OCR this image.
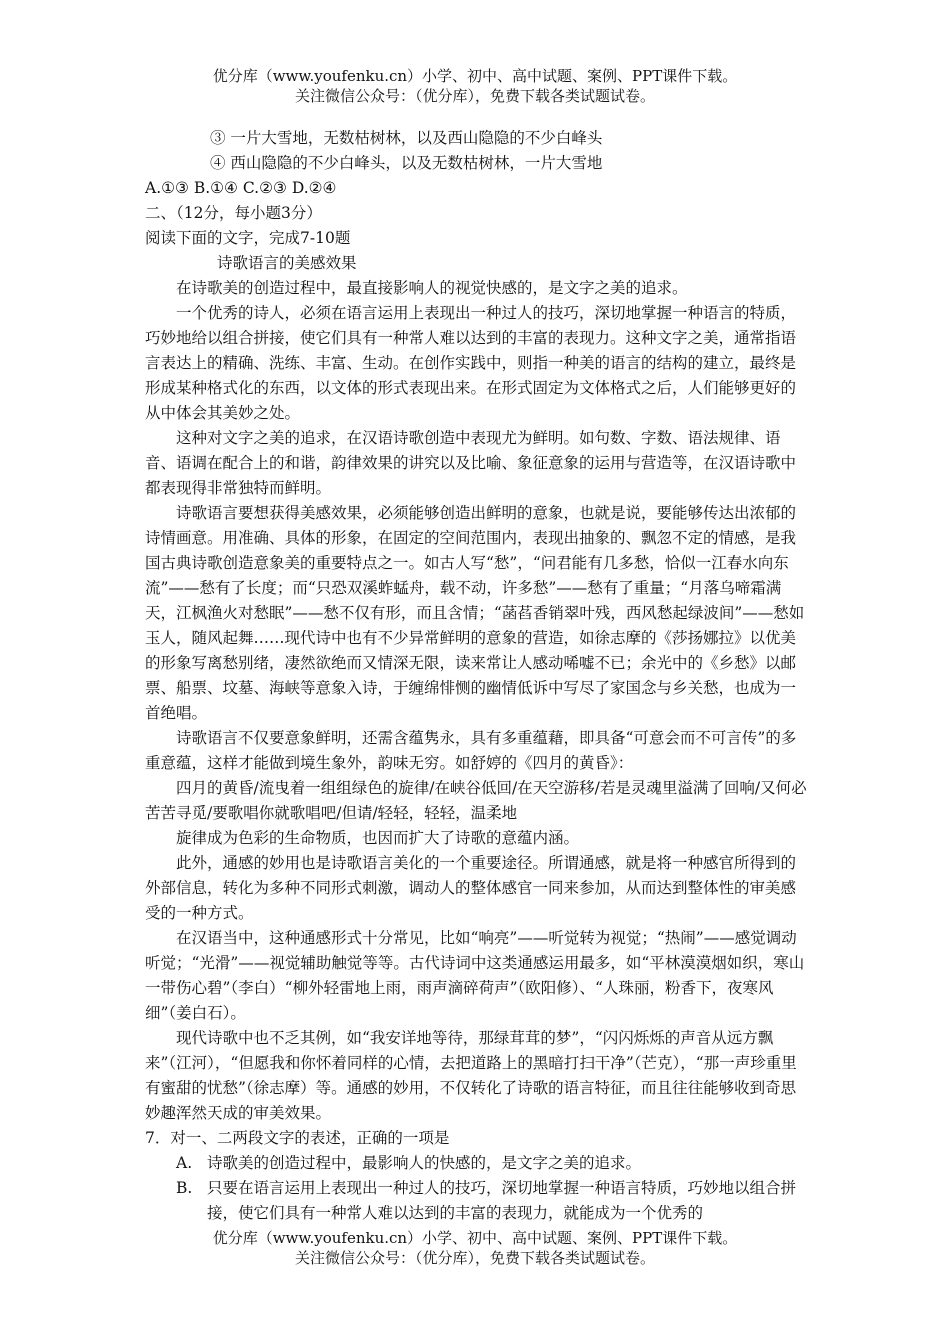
优分库（www.youfenku.cn）小学、初中、高中试题、案例、PPT课件下载。
关注微信公众号：（优分库），免费下载各类试题试卷。

③ 一片大雪地，无数枯树林，以及西山隐隐的不少白峰头

④ 西山隐隐的不少白峰头，以及无数枯树林，一片大雪地

A.①③ B.①④ C.②③ D.②④

二、（12分，每小题3分）

阅读下面的文字，完成7-10题

诗歌语言的美感效果

在诗歌美的创造过程中，最直接影响人的视觉快感的，是文字之美的追求。

一个优秀的诗人，必须在语言运用上表现出一种过人的技巧，深切地掌握一种语言的特质，巧妙地给以组合拼接，使它们具有一种常人难以达到的丰富的表现力。这种文字之美，通常指语言表达上的精确、洗练、丰富、生动。在创作实践中，则指一种美的语言的结构的建立，最终是形成某种格式化的东西，以文体的形式表现出来。在形式固定为文体格式之后，人们能够更好的从中体会其美妙之处。

这种对文字之美的追求，在汉语诗歌创造中表现尤为鲜明。如句数、字数、语法规律、语音、语调在配合上的和谐，韵律效果的讲究以及比喻、象征意象的运用与营造等，在汉语诗歌中都表现得非常独特而鲜明。

诗歌语言要想获得美感效果，必须能够创造出鲜明的意象，也就是说，要能够传达出浓郁的诗情画意。用准确、具体的形象，在固定的空间范围内，表现出抽象的、飘忽不定的情感，是我国古典诗歌创造意象美的重要特点之一。如古人写“愁”，“问君能有几多愁，恰似一江春水向东流”——愁有了长度；而“只恐双溪蚱蜢舟，载不动，许多愁”——愁有了重量；“月落乌啼霜满天，江枫渔火对愁眠”——愁不仅有形，而且含情；“菡萏香销翠叶残，西风愁起绿波间”——愁如玉人，随风起舞……现代诗中也有不少异常鲜明的意象的营造，如徐志摩的《莎扬娜拉》以优美的形象写离愁别绪，凄然欲绝而又情深无限，读来常让人感动唏嘘不已；余光中的《乡愁》以邮票、船票、坟墓、海峡等意象入诗，于缠绵悱恻的幽情低诉中写尽了家国念与乡关愁，也成为一首绝唱。

诗歌语言不仅要意象鲜明，还需含蕴隽永，具有多重蕴藉，即具备“可意会而不可言传”的多重意蕴，这样才能做到境生象外，韵味无穷。如舒婷的《四月的黄昏》：

四月的黄昏/流曳着一组组绿色的旋律/在峡谷低回/在天空游移/若是灵魂里溢满了回响/又何必苦苦寻觅/要歌唱你就歌唱吧/但请/轻轻，轻轻，温柔地

旋律成为色彩的生命物质，也因而扩大了诗歌的意蕴内涵。

此外，通感的妙用也是诗歌语言美化的一个重要途径。所谓通感，就是将一种感官所得到的外部信息，转化为多种不同形式刺激，调动人的整体感官一同来参加，从而达到整体性的审美感受的一种方式。

在汉语当中，这种通感形式十分常见，比如“响亮”——听觉转为视觉；“热闹”——感觉调动听觉；“光滑”——视觉辅助触觉等等。古代诗词中这类通感运用最多，如“平林漠漠烟如织，寒山一带伤心碧”（李白）“柳外轻雷地上雨，雨声滴碎荷声”（欧阳修）、“人珠丽，粉香下，夜寒风细”（姜白石）。

现代诗歌中也不乏其例，如“我安详地等待，那绿茸茸的梦”，“闪闪烁烁的声音从远方飘来”（江河），“但愿我和你怀着同样的心情，去把道路上的黑暗打扫干净”（芒克），“那一声珍重里有蜜甜的忧愁”（徐志摩）等。通感的妙用，不仅转化了诗歌的语言特征，而且往往能够收到奇思妙趣浑然天成的审美效果。

7．对一、二两段文字的表述，正确的一项是

A. 诗歌美的创造过程中，最影响人的快感的，是文字之美的追求。

B. 只要在语言运用上表现出一种过人的技巧，深切地掌握一种语言特质，巧妙地以组合拼接，使它们具有一种常人难以达到的丰富的表现力，就能成为一个优秀的

优分库（www.youfenku.cn）小学、初中、高中试题、案例、PPT课件下载。
关注微信公众号：（优分库），免费下载各类试题试卷。
